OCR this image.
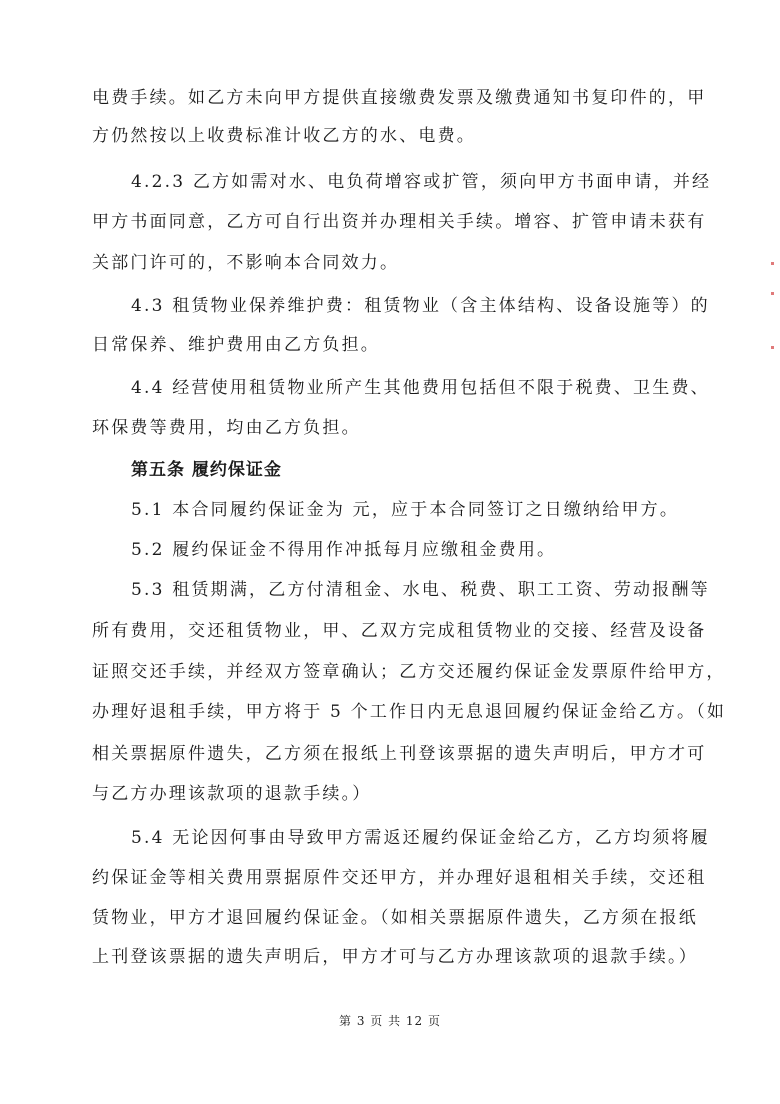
电费手续。如乙方未向甲方提供直接缴费发票及缴费通知书复印件的，甲
方仍然按以上收费标准计收乙方的水、电费。
4.2.3 乙方如需对水、电负荷增容或扩管，须向甲方书面申请，并经
甲方书面同意，乙方可自行出资并办理相关手续。增容、扩管申请未获有
关部门许可的，不影响本合同效力。
4.3 租赁物业保养维护费：租赁物业（含主体结构、设备设施等）的
日常保养、维护费用由乙方负担。
4.4 经营使用租赁物业所产生其他费用包括但不限于税费、卫生费、
环保费等费用，均由乙方负担。
第五条 履约保证金
5.1 本合同履约保证金为 元，应于本合同签订之日缴纳给甲方。
5.2 履约保证金不得用作冲抵每月应缴租金费用。
5.3 租赁期满，乙方付清租金、水电、税费、职工工资、劳动报酬等
所有费用，交还租赁物业，甲、乙双方完成租赁物业的交接、经营及设备
证照交还手续，并经双方签章确认；乙方交还履约保证金发票原件给甲方，
办理好退租手续，甲方将于 5 个工作日内无息退回履约保证金给乙方。（如
相关票据原件遗失，乙方须在报纸上刊登该票据的遗失声明后，甲方才可
与乙方办理该款项的退款手续。）
5.4 无论因何事由导致甲方需返还履约保证金给乙方，乙方均须将履
约保证金等相关费用票据原件交还甲方，并办理好退租相关手续，交还租
赁物业，甲方才退回履约保证金。（如相关票据原件遗失，乙方须在报纸
上刊登该票据的遗失声明后，甲方才可与乙方办理该款项的退款手续。）
第 3 页 共 12 页
